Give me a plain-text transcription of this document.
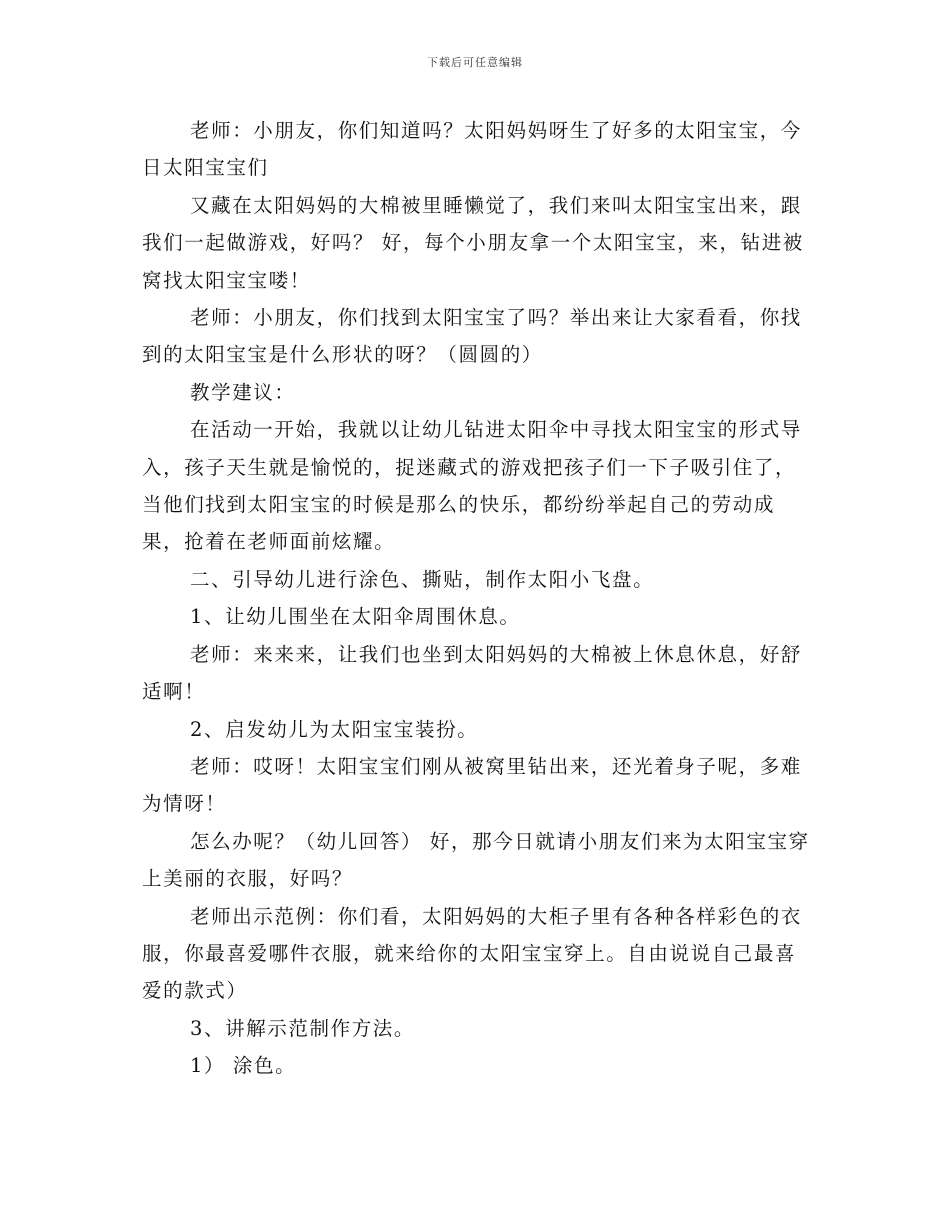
下载后可任意编辑

老师：小朋友，你们知道吗？太阳妈妈呀生了好多的太阳宝宝，今日太阳宝宝们

又藏在太阳妈妈的大棉被里睡懒觉了，我们来叫太阳宝宝出来，跟我们一起做游戏，好吗？ 好，每个小朋友拿一个太阳宝宝，来，钻进被窝找太阳宝宝喽！

老师：小朋友，你们找到太阳宝宝了吗？举出来让大家看看，你找到的太阳宝宝是什么形状的呀？（圆圆的）

教学建议：

在活动一开始，我就以让幼儿钻进太阳伞中寻找太阳宝宝的形式导入，孩子天生就是愉悦的，捉迷藏式的游戏把孩子们一下子吸引住了，当他们找到太阳宝宝的时候是那么的快乐，都纷纷举起自己的劳动成果，抢着在老师面前炫耀。

二、引导幼儿进行涂色、撕贴，制作太阳小飞盘。

1、让幼儿围坐在太阳伞周围休息。

老师：来来来，让我们也坐到太阳妈妈的大棉被上休息休息，好舒适啊！

2、启发幼儿为太阳宝宝装扮。

老师：哎呀！太阳宝宝们刚从被窝里钻出来，还光着身子呢，多难为情呀！

怎么办呢？（幼儿回答） 好，那今日就请小朋友们来为太阳宝宝穿上美丽的衣服，好吗？

老师出示范例：你们看，太阳妈妈的大柜子里有各种各样彩色的衣服，你最喜爱哪件衣服，就来给你的太阳宝宝穿上。自由说说自己最喜爱的款式）

3、讲解示范制作方法。

1） 涂色。
